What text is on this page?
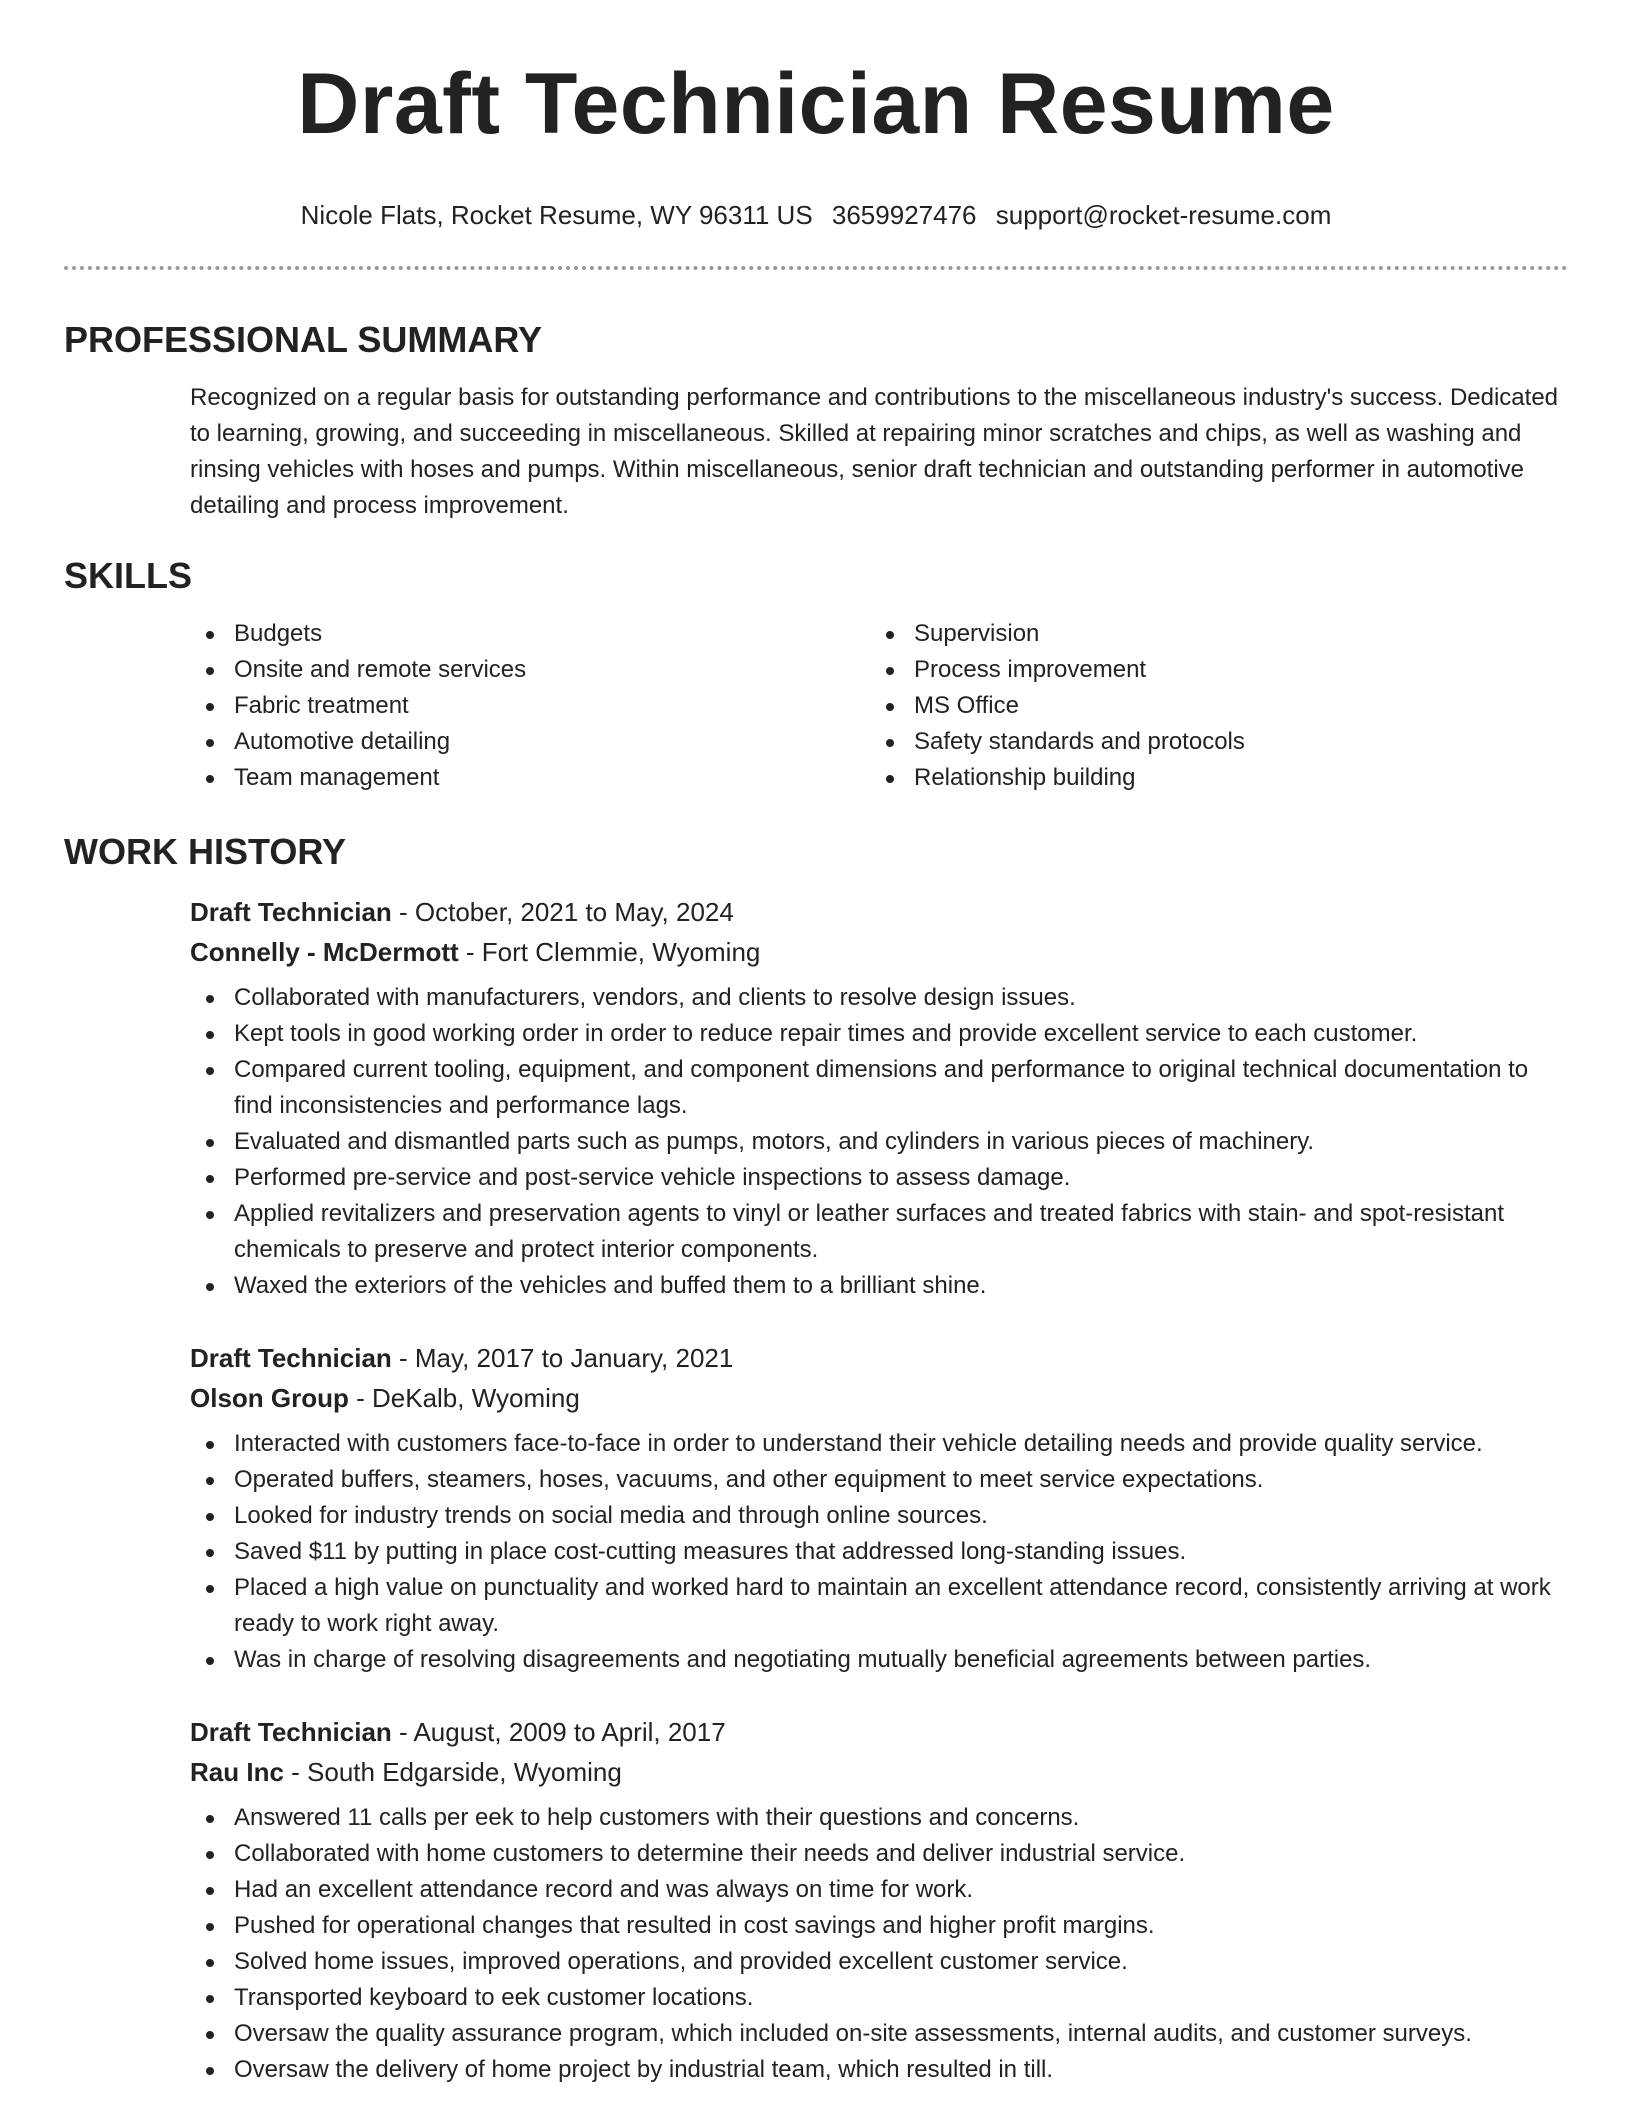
Draft Technician Resume
Nicole Flats, Rocket Resume, WY 96311 US 3659927476 support@rocket-resume.com
PROFESSIONAL SUMMARY

Recognized on a regular basis for outstanding performance and contributions to the miscellaneous industry's success. Dedicated to learning, growing, and succeeding in miscellaneous. Skilled at repairing minor scratches and chips, as well as washing and rinsing vehicles with hoses and pumps. Within miscellaneous, senior draft technician and outstanding performer in automotive detailing and process improvement.

SKILLS
Budgets
Onsite and remote services
Fabric treatment
Automotive detailing
Team management
Supervision
Process improvement
MS Office
Safety standards and protocols
Relationship building
WORK HISTORY
Draft Technician - October, 2021 to May, 2024
Connelly - McDermott - Fort Clemmie, Wyoming
Collaborated with manufacturers, vendors, and clients to resolve design issues.
Kept tools in good working order in order to reduce repair times and provide excellent service to each customer.
Compared current tooling, equipment, and component dimensions and performance to original technical documentation to find inconsistencies and performance lags.
Evaluated and dismantled parts such as pumps, motors, and cylinders in various pieces of machinery.
Performed pre-service and post-service vehicle inspections to assess damage.
Applied revitalizers and preservation agents to vinyl or leather surfaces and treated fabrics with stain- and spot-resistant chemicals to preserve and protect interior components.
Waxed the exteriors of the vehicles and buffed them to a brilliant shine.
Draft Technician - May, 2017 to January, 2021
Olson Group - DeKalb, Wyoming
Interacted with customers face-to-face in order to understand their vehicle detailing needs and provide quality service.
Operated buffers, steamers, hoses, vacuums, and other equipment to meet service expectations.
Looked for industry trends on social media and through online sources.
Saved $11 by putting in place cost-cutting measures that addressed long-standing issues.
Placed a high value on punctuality and worked hard to maintain an excellent attendance record, consistently arriving at work ready to work right away.
Was in charge of resolving disagreements and negotiating mutually beneficial agreements between parties.
Draft Technician - August, 2009 to April, 2017
Rau Inc - South Edgarside, Wyoming
Answered 11 calls per eek to help customers with their questions and concerns.
Collaborated with home customers to determine their needs and deliver industrial service.
Had an excellent attendance record and was always on time for work.
Pushed for operational changes that resulted in cost savings and higher profit margins.
Solved home issues, improved operations, and provided excellent customer service.
Transported keyboard to eek customer locations.
Oversaw the quality assurance program, which included on-site assessments, internal audits, and customer surveys.
Oversaw the delivery of home project by industrial team, which resulted in till.
